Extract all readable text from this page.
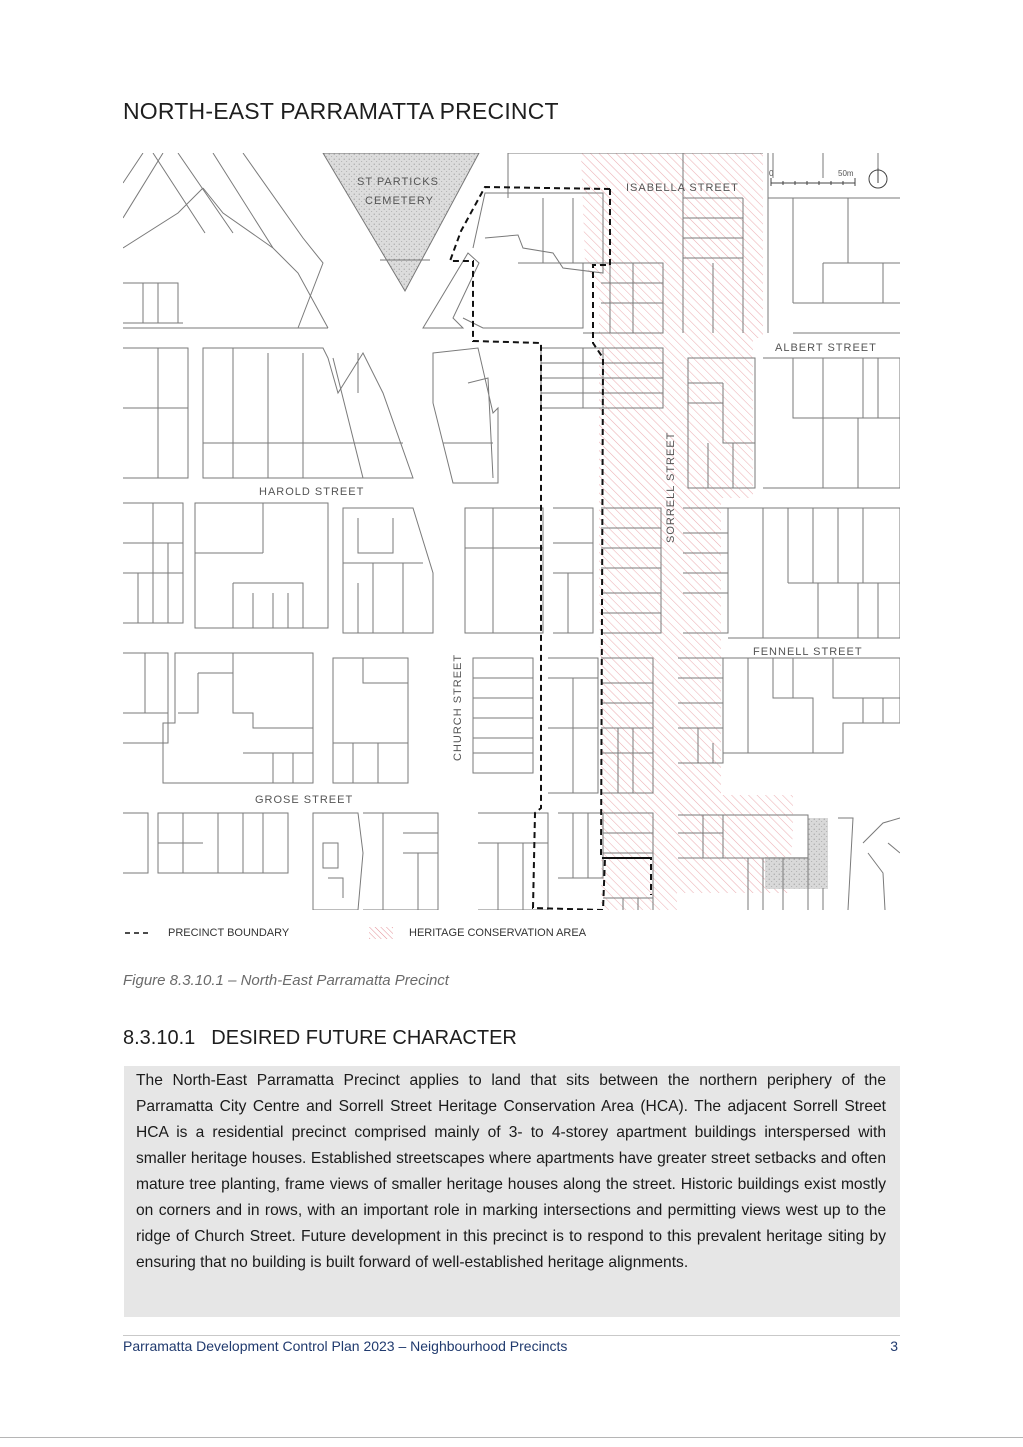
NORTH-EAST PARRAMATTA PRECINCT
0	50m
ST PARTICKS
CEMETERY
ISABELLA STREET
ALBERT STREET
HAROLD STREET	SORRELL STREET
FENNELL STREET
CHURCH STREET
GROSE STREET
PRECINCT BOUNDARY	HERITAGE CONSERVATION AREA
Figure 8.3.10.1 – North-East Parramatta Precinct
8.3.10.1 DESIRED FUTURE CHARACTER
The North-East Parramatta Precinct applies to land that sits between the northern periphery of the Parramatta City Centre and Sorrell Street Heritage Conservation Area (HCA). The adjacent Sorrell Street HCA is a residential precinct comprised mainly of 3- to 4-storey apartment buildings interspersed with smaller heritage houses. Established streetscapes where apartments have greater street setbacks and often mature tree planting, frame views of smaller heritage houses along the street. Historic buildings exist mostly on corners and in rows, with an important role in marking intersections and permitting views west up to the ridge of Church Street. Future development in this precinct is to respond to this prevalent heritage siting by ensuring that no building is built forward of well-established heritage alignments.
Parramatta Development Control Plan 2023 – Neighbourhood Precincts	3
